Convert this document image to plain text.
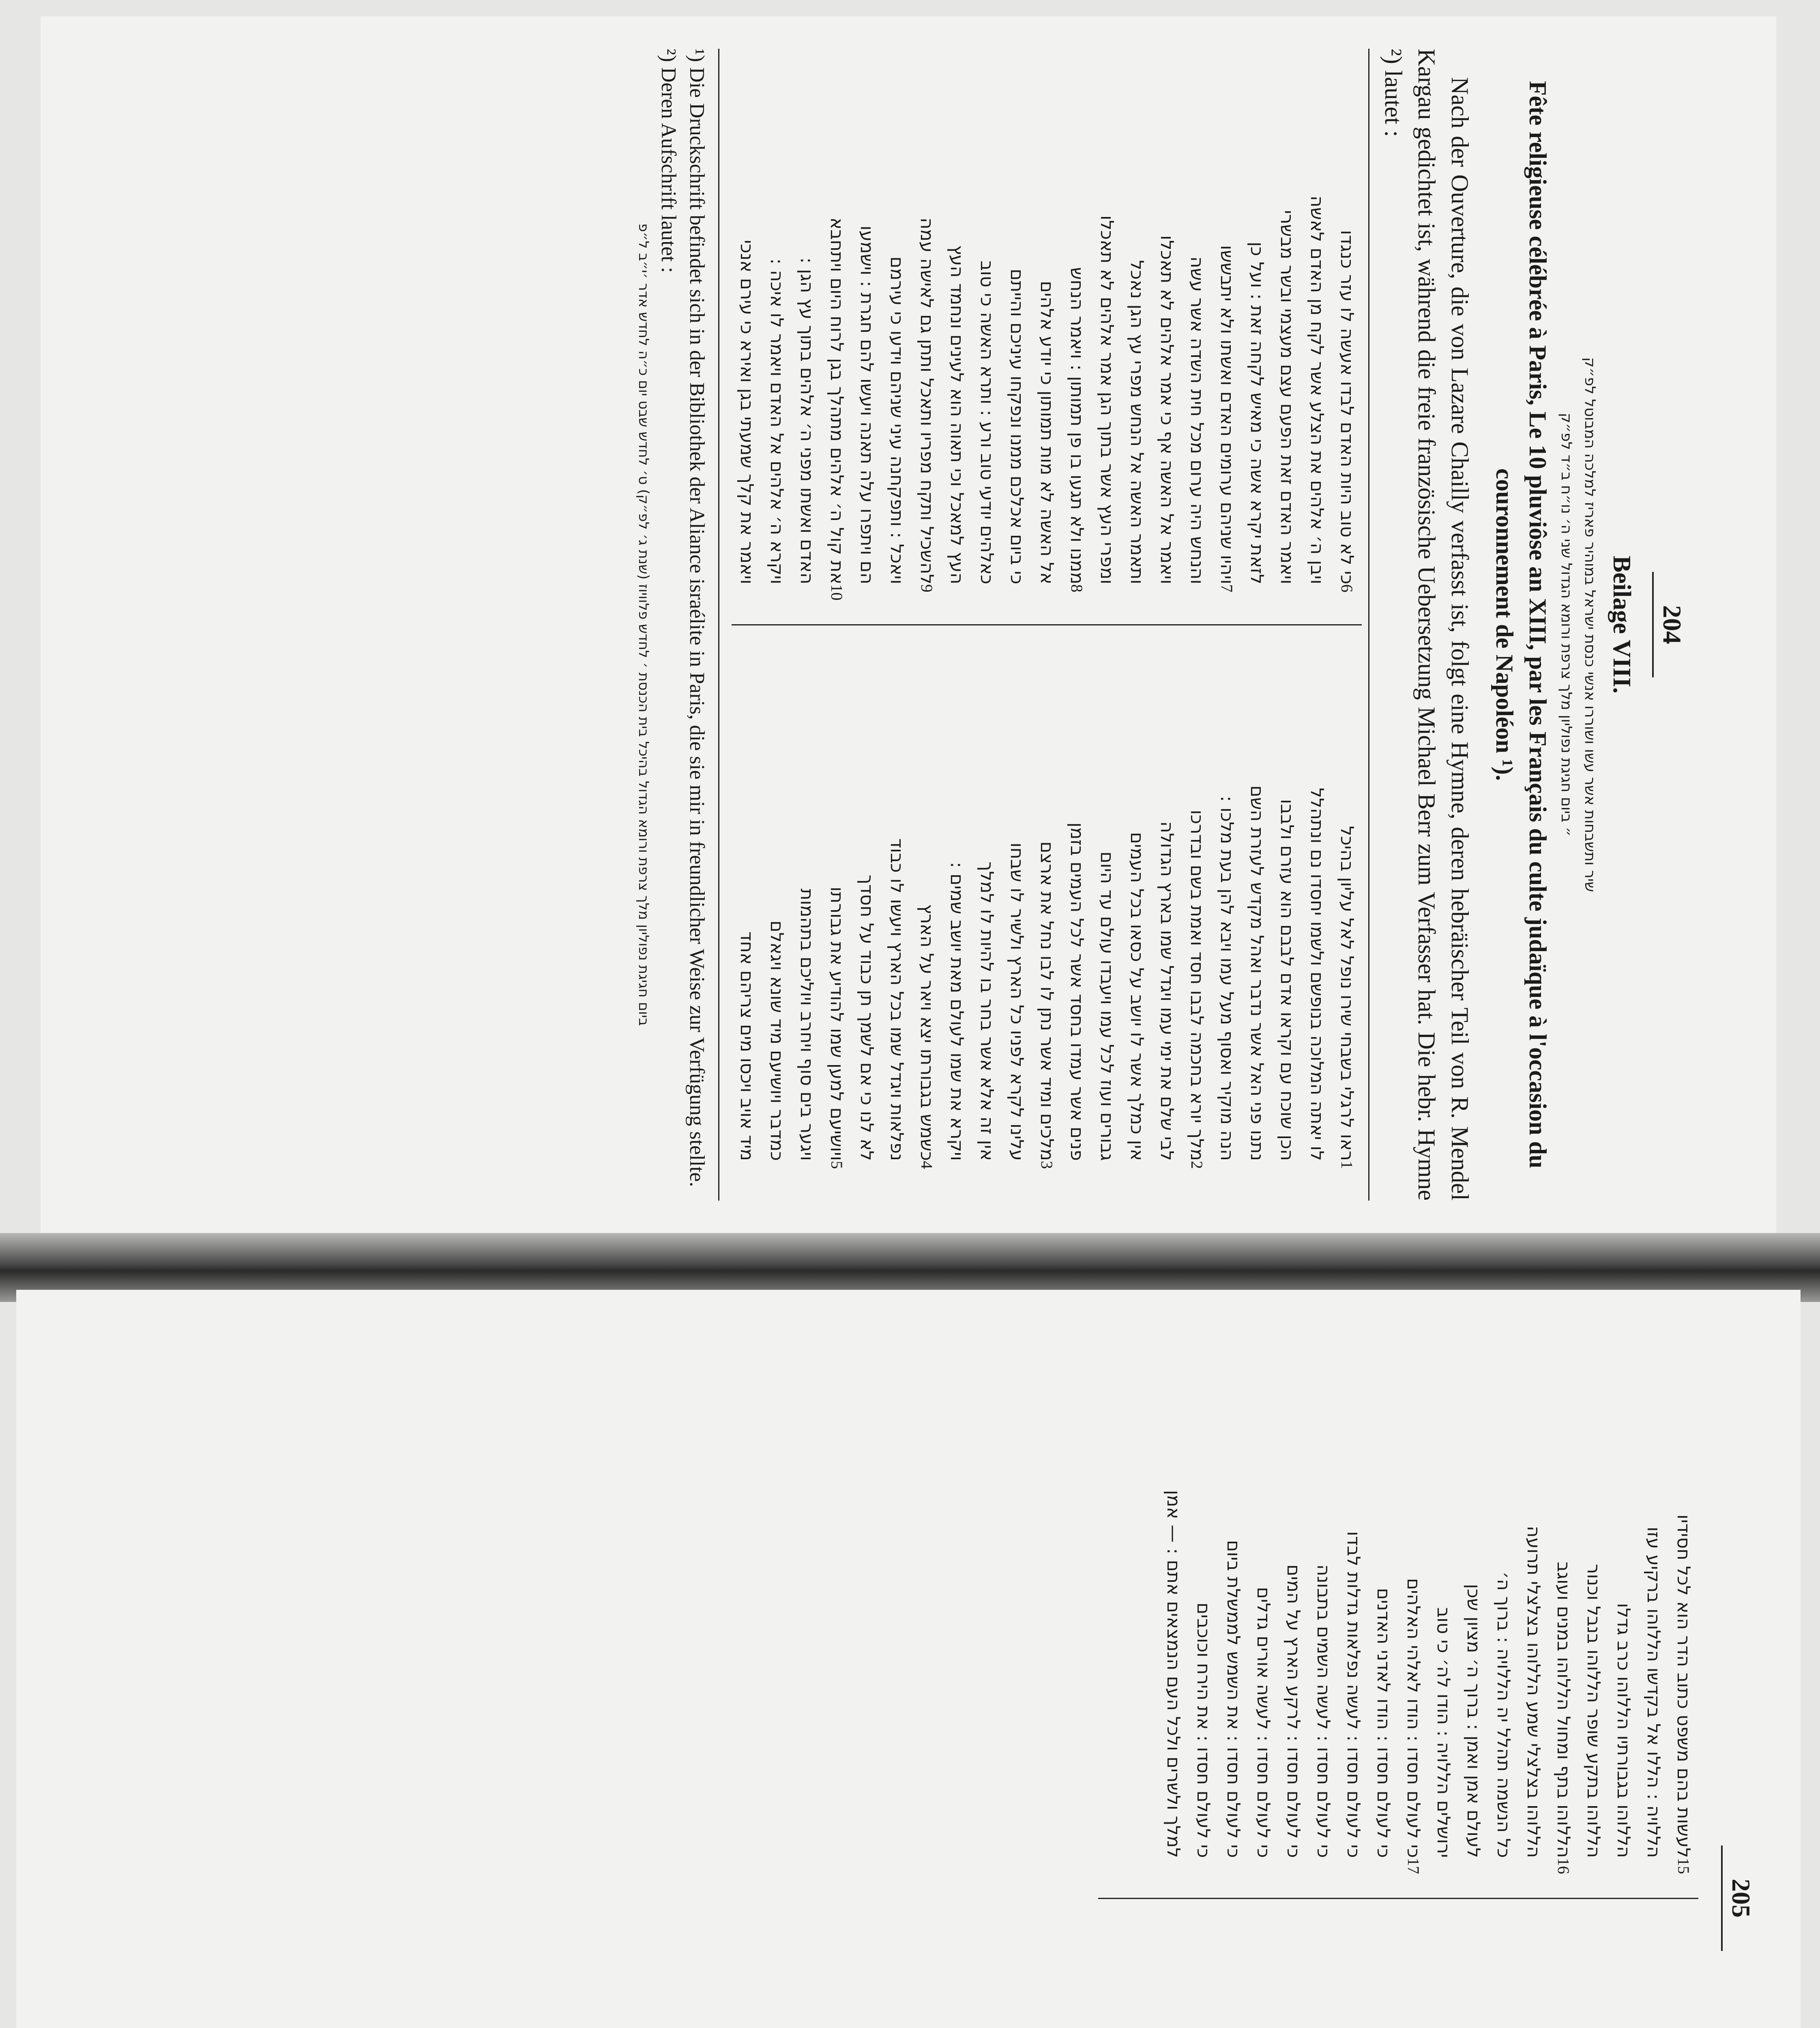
204
Beilage VIII.
שיר ותשבחות אשר עשו ושוררו אנשי כנסת ישראל במוהיר פאריז למלכה המבוטל לפ״ק
״ ביום חגיגת נפוליון מלך צרפת ורומא הגדול שני ה׳ נו״ח ב״ד לפ״ק
Fête religieuse célébrée à Paris, Le 10 pluviôse an XIII, par les Français du culte judaïque à l'occasion du couronnement de Napoléon ¹).
Nach der Ouverture, die von Lazare Chailly verfasst ist, folgt eine Hymne, deren hebräischer Teil von R. Mendel Kargau gedichtet ist, während die freie französische Uebersetzung Michael Berr zum Verfasser hat. Die hebr. Hymne ²) lautet :
ראו לרגלי בשבחי שירו נופל לאל עליון בהיכל
1
לו יאתה המלוכה בנופשם ולשמו יחסדו נם ונתהלל
הכן שוכח עם וקראו אדם לבבם הוא עזרם ולבבו
נתנו פני האל אשר נדבר ואהל מקדש לעזרת השם
הנה מוקיר ואסוף מעל עמו ויבא להן בעת מלכו :
מלך יורא בחכמה לבבו חסד ואמת בשם ובדרכו
2
לבי שלם את ימי עמו ויגדל שמו בארץ הגדולה
אין כמלך אשר לו יושב על כסאו בכל העמים
גבורים ועוז לכל עמו ויעבדו עולם עד היום
פנים אשר עמדו בחסד אשר לכל העמים בזמן
מלכים ומיד אשר נתן לו לבו נחל את ארצם
3
עלינו לקרא לפניו כל הארץ ולשיר לו שבחו
אין זה אלא אשר בחר בו להיות לו למלך
ויקרא את שמו לעולם מאת יושב שמים :
כשמש בגבורתו יצא ויאר על הארץ
4
נפלאות ויגדל שמו בכל הארץ ויעשו לו כבוד
לא לנו כי אם לשמך תן כבוד על חסדך
ויושיעם למען שמו להודיע את גבורתו
5
ויגער בים סוף ויחרב ויוליכם בתהמות
כמדבר ויושיעם מיד שונא ויגאלם
מיד אויב ויכסו מים צריהם אחד
כי לא טוב היות האדם לבדו אעשה לו עזר כנגדו
6
ויבן ה׳ אלהים את הצלע אשר לקח מן האדם לאשה
ויאמר האדם זאת הפעם עצם מעצמי ובשר מבשרי
לזאת יקרא אשה כי מאיש לקחה זאת : ועל כן
ויהיו שניהם ערומים האדם ואשתו ולא יתבששו
7
והנחש היה ערום מכל חית השדה אשר עשה
ויאמר אל האשה אף כי אמר אלהים לא תאכלו
ותאמר האשה אל הנחש מפרי עץ הגן נאכל
ומפרי העץ אשר בתוך הגן אמר אלהים לא תאכלו
ממנו ולא תגעו בו פן תמותון : ויאמר הנחש
8
אל האשה לא מות תמותון כי יודע אלהים
כי ביום אכלכם ממנו ונפקחו עיניכם והייתם
כאלהים יודעי טוב ורע : ותרא האשה כי טוב
העץ למאכל וכי תאוה הוא לעינים ונחמד העץ
להשכיל ותקח מפריו ותאכל ותתן גם לאישה עמה
9
ויאכל : ותפקחנה עיני שניהם וידעו כי עירמם
הם ויתפרו עלה תאנה ויעשו להם חגרת : וישמעו
את קול ה׳ אלהים מתהלך בגן לרוח היום ויתחבא
10
האדם ואשתו מפני ה׳ אלהים בתוך עץ הגן :
ויקרא ה׳ אלהים אל האדם ויאמר לו איכה :
ויאמר את קלך שמעתי בגן ואירא כי עירם אנכי
¹) Die Druckschrift befindet sich in der Bibliothek der Aliance israélite in Paris, die sie mir in freundlicher Weise zur Verfügung stellte.
²) Deren Aufschrift lautet :
ביום חגיגת נפוליון מלך צרפת ורומא הגדול בהיכל בית הכנסת ׳ לחדש פלוויוז (שנת ג׳ לפ״ק) ט׳ לחדש שבט יום כ״ה לחדש אדר ׳י״ב ל״פ
205
לעשות בהם משפט כתוב הדר הוא לכל חסידיו
15
הללויה : הללו אל בקדשו הללוהו ברקיע עזו
הללוהו בגבורתיו הללוהו כרב גדלו
הללוהו בתקע שופר הללוהו בנבל וכנור
הללוהו בתף ומחול הללוהו במנים ועוגב
16
הללוהו בצלצלי שמע הללוהו בצלצלי תרועה
כל הנשמה תהלל יה הללויה : ברוך ה׳
לעולם אמן ואמן : ברוך ה׳ מציון שכן
ירושלים הללויה : הודו לה׳ כי טוב
כי לעולם חסדו : הודו לאלהי האלהים
17
כי לעולם חסדו : הודו לאדני האדנים
כי לעולם חסדו : לעשה נפלאות גדלות לבדו
כי לעולם חסדו : לעשה השמים בתבונה
כי לעולם חסדו : לרקע הארץ על המים
כי לעולם חסדו : לעשה אורים גדלים
כי לעולם חסדו : את השמש לממשלת ביום
כי לעולם חסדו : את הירח וכוכבים
למלך ולשרים ולכל העם הנמצאים אתם : — אמן
